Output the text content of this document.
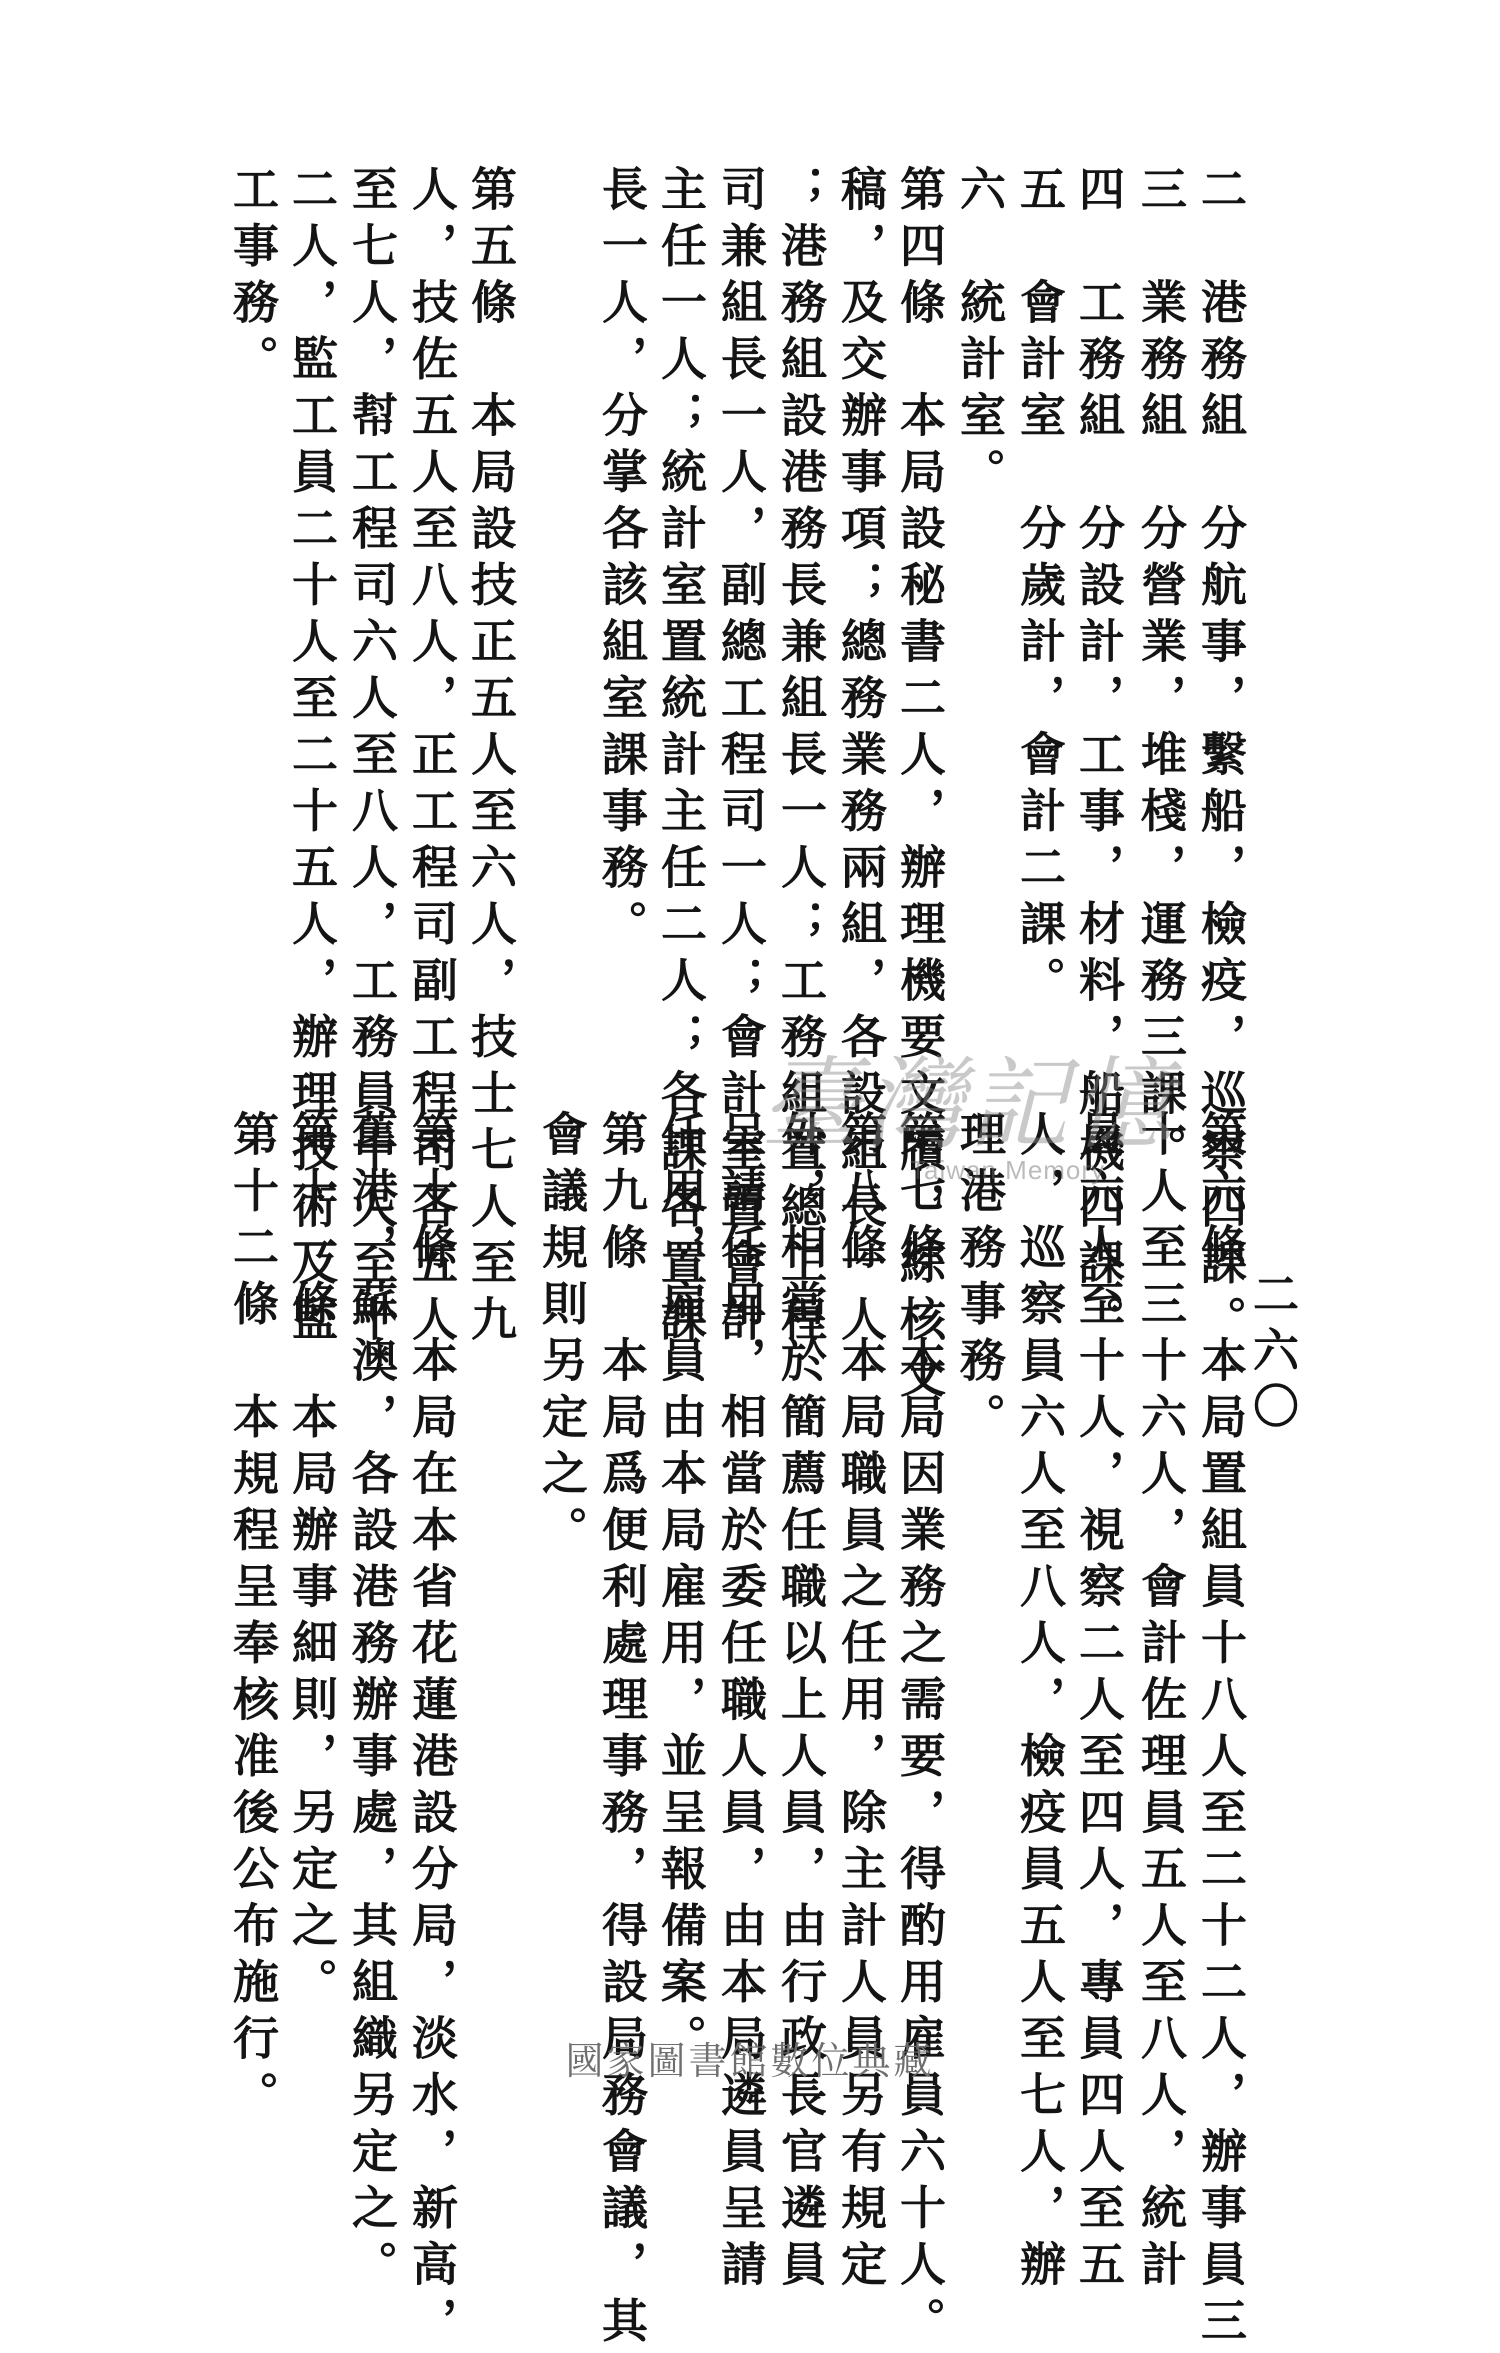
二　港務組　分航事，繫船，檢疫，巡察四課。
三　業務組　分營業，堆棧，運務三課。
四　工務組　分設計，工事，材料，船機四課。
五　會計室　分歲計，會計二課。
六　統計室。
第四條　本局設秘書二人，辦理機要文牘，綜核文
稿，及交辦事項；總務業務兩組，各設組長一人
；港務組設港務長兼組長一人；工務組置總工程
司兼組長一人，副總工程司一人；會計室置會計
主任一人；統計室置統計主任二人；各課各置課
長一人，分掌各該組室課事務。
第五條　本局設技正五人至六人，技士七人至九
人，技佐五人至八人，正工程司副工程司各五人
至七人，幇工程司六人至八人，工務員十人至十
二人，監工員二十人至二十五人，辦理技術及監
工事務。
二六〇
第六條　本局置組員十八人至二十二人，辦事員三
十人至三十六人，會計佐理員五人至八人，統計
員六人至十人，視察二人至四人，專員四人至五
人，巡察員六人至八人，檢疫員五人至七人，辦
理港務事務。
第七條　本局因業務之需要，得酌用雇員六十人。
第八條　本局職員之任用，除主計人員另有規定
外，相當於簡薦任職以上人員，由行政長官遴員
呈請任用，相當於委任職人員，由本局遴員呈請
任用，雇員由本局雇用，並呈報備案。
第九條　本局爲便利處理事務，得設局務會議，其
會議規則另定之。
第十條　本局在本省花蓮港設分局，淡水，新高，
舊港，蘇澳，各設港務辦事處，其組織另定之。
第十一條　本局辦事細則，另定之。
第十二條　本規程呈奉核准後公布施行。
臺灣記憶
Taiwan Memory
國家圖書館數位典藏
